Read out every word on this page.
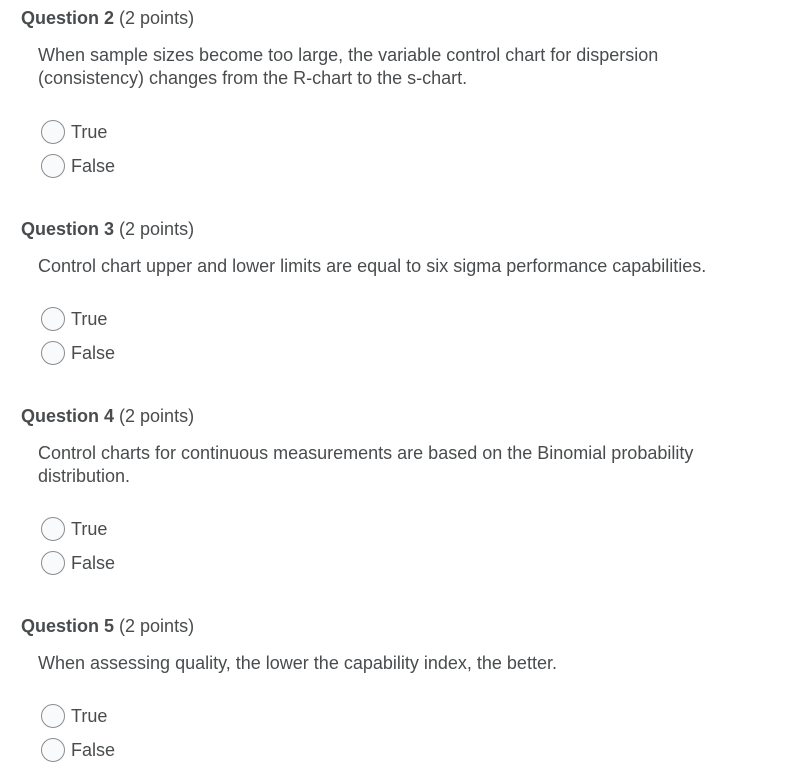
Question 2 (2 points)
When sample sizes become too large, the variable control chart for dispersion
(consistency) changes from the R-chart to the s-chart.
True
False
Question 3 (2 points)
Control chart upper and lower limits are equal to six sigma performance capabilities.
True
False
Question 4 (2 points)
Control charts for continuous measurements are based on the Binomial probability
distribution.
True
False
Question 5 (2 points)
When assessing quality, the lower the capability index, the better.
True
False
